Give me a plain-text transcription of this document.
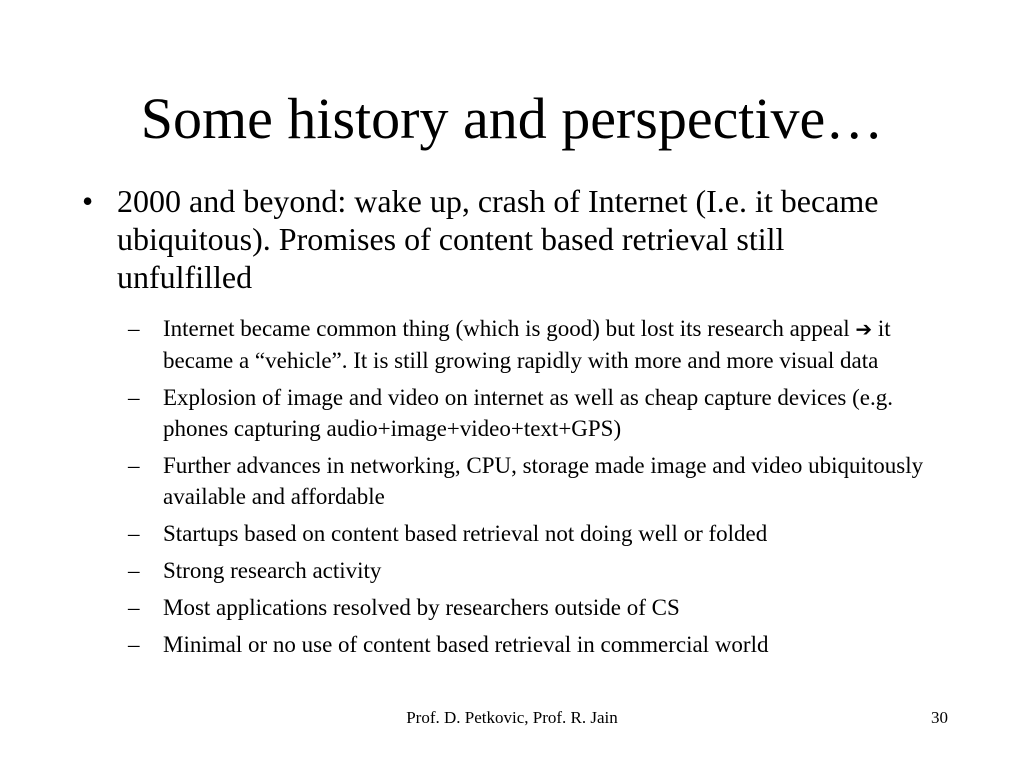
Some history and perspective…
• 2000 and beyond: wake up, crash of Internet (I.e. it became ubiquitous). Promises of content based retrieval still unfulfilled
– Internet became common thing (which is good) but lost its research appeal ➔ it became a “vehicle”. It is still growing rapidly with more and more visual data
– Explosion of image and video on internet as well as cheap capture devices (e.g. phones capturing audio+image+video+text+GPS)
– Further advances in networking, CPU, storage made image and video ubiquitously available and affordable
– Startups based on content based retrieval not doing well or folded
– Strong research activity
– Most applications resolved by researchers outside of CS
– Minimal or no use of content based retrieval in commercial world
Prof. D. Petkovic, Prof. R. Jain	30
